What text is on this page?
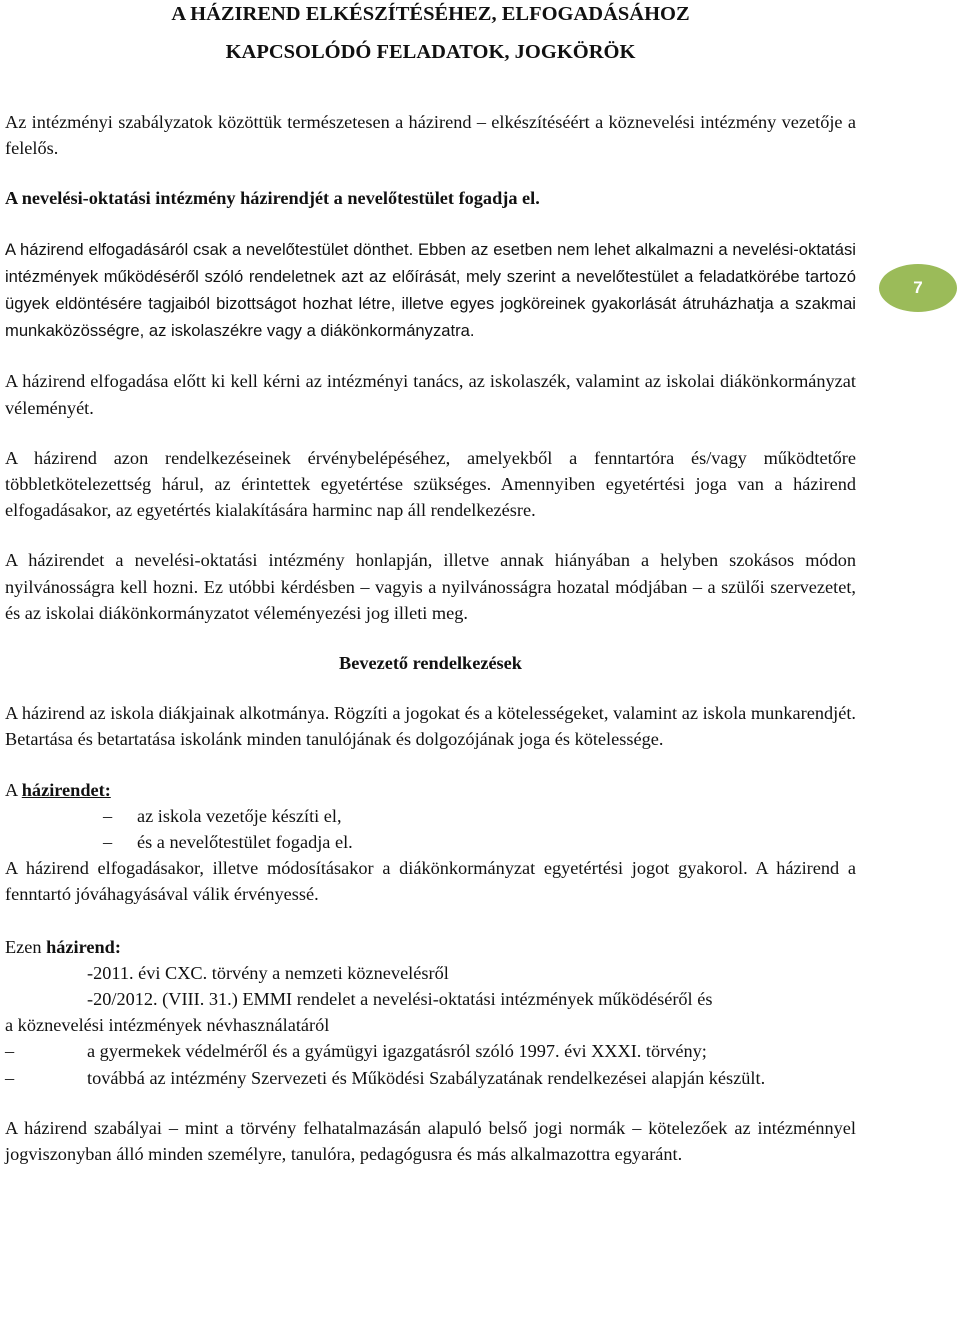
A HÁZIREND ELKÉSZÍTÉSÉHEZ, ELFOGADÁSÁHOZ
KAPCSOLÓDÓ FELADATOK, JOGKÖRÖK

Az intézményi szabályzatok közöttük természetesen a házirend – elkészítéséért a köznevelési intézmény vezetője a felelős.

A nevelési-oktatási intézmény házirendjét a nevelőtestület fogadja el.

A házirend elfogadásáról csak a nevelőtestület dönthet. Ebben az esetben nem lehet alkalmazni a nevelési-oktatási intézmények működéséről szóló rendeletnek azt az előírását, mely szerint a nevelőtestület a feladatkörébe tartozó ügyek eldöntésére tagjaiból bizottságot hozhat létre, illetve egyes jogköreinek gyakorlását átruházhatja a szakmai munkaközösségre, az iskolaszékre vagy a diákönkormányzatra.

A házirend elfogadása előtt ki kell kérni az intézményi tanács, az iskolaszék, valamint az iskolai diákönkormányzat véleményét.

A házirend azon rendelkezéseinek érvénybelépéséhez, amelyekből a fenntartóra és/vagy működtetőre többletkötelezettség hárul, az érintettek egyetértése szükséges. Amennyiben egyetértési joga van a házirend elfogadásakor, az egyetértés kialakítására harminc nap áll rendelkezésre.

A házirendet a nevelési-oktatási intézmény honlapján, illetve annak hiányában a helyben szokásos módon nyilvánosságra kell hozni. Ez utóbbi kérdésben – vagyis a nyilvánosságra hozatal módjában – a szülői szervezetet, és az iskolai diákönkormányzatot véleményezési jog illeti meg.

Bevezető rendelkezések

A házirend az iskola diákjainak alkotmánya. Rögzíti a jogokat és a kötelességeket, valamint az iskola munkarendjét. Betartása és betartatása iskolánk minden tanulójának és dolgozójának joga és kötelessége.

A házirendet:

– az iskola vezetője készíti el,
– és a nevelőtestület fogadja el.

A házirend elfogadásakor, illetve módosításakor a diákönkormányzat egyetértési jogot gyakorol. A házirend a fenntartó jóváhagyásával válik érvényessé.

Ezen házirend:

-2011. évi CXC. törvény a nemzeti köznevelésről

-20/2012. (VIII. 31.) EMMI rendelet a nevelési-oktatási intézmények működéséről és

a köznevelési intézmények névhasználatáról

–	a gyermekek védelméről és a gyámügyi igazgatásról szóló 1997. évi XXXI. törvény;
–	továbbá az intézmény Szervezeti és Működési Szabályzatának rendelkezései alapján készült.

A házirend szabályai – mint a törvény felhatalmazásán alapuló belső jogi normák – kötelezőek az intézménnyel jogviszonyban álló minden személyre, tanulóra, pedagógusra és más alkalmazottra egyaránt.

7
